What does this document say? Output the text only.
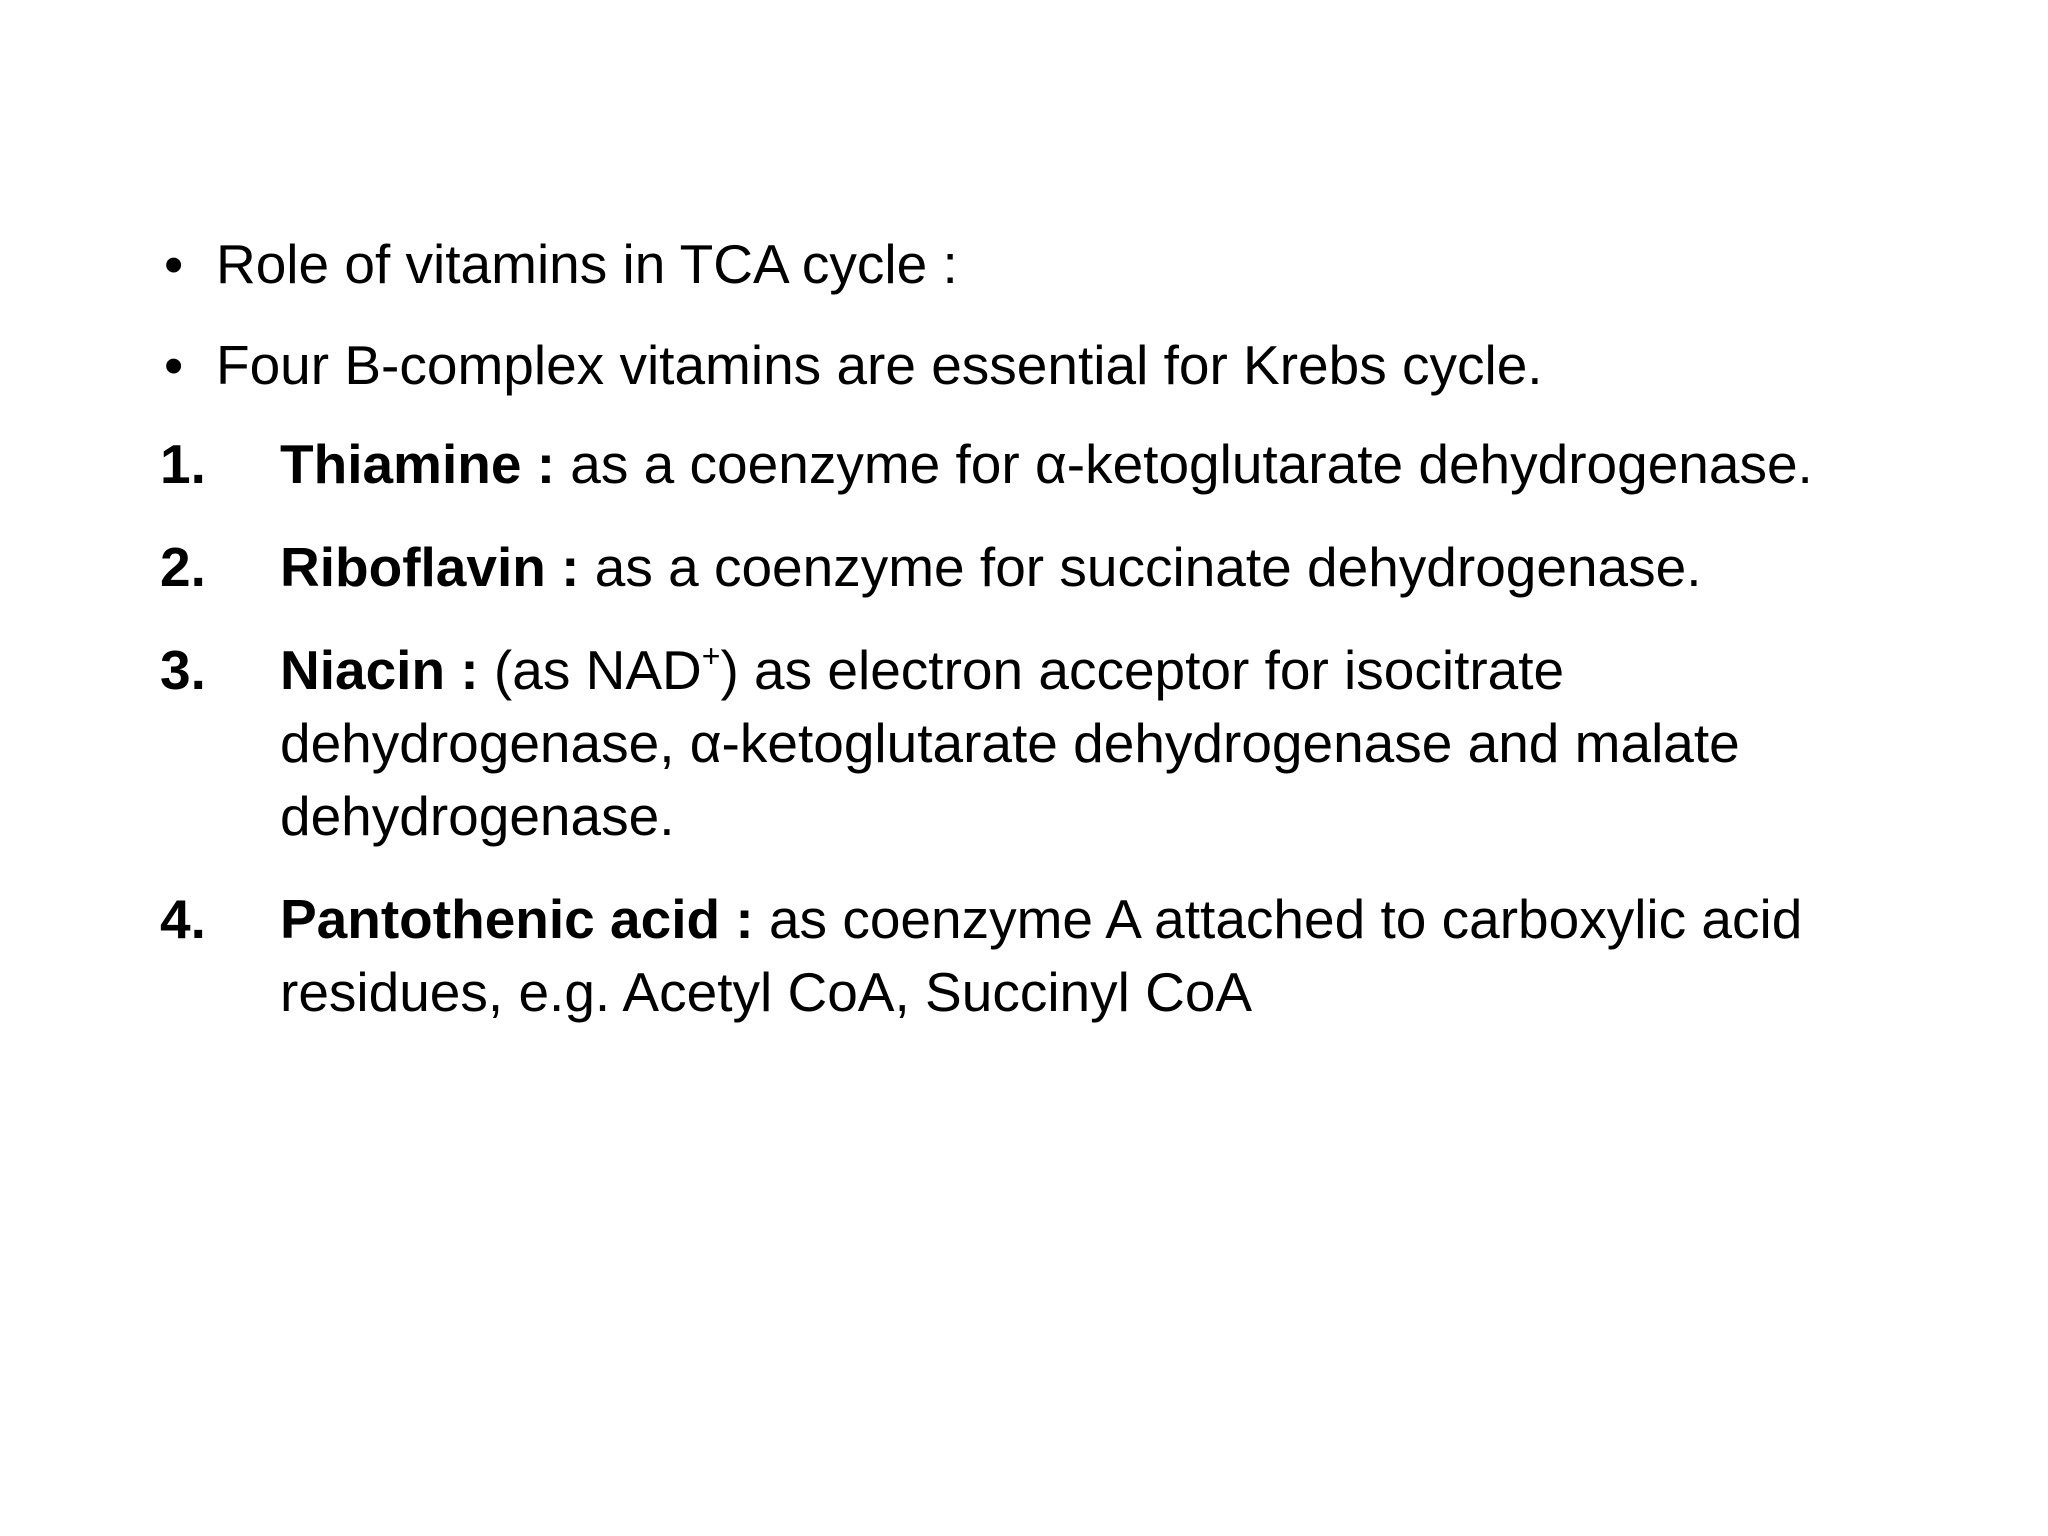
• Role of vitamins in TCA cycle :
• Four B-complex vitamins are essential for Krebs cycle.
1.	Thiamine : as a coenzyme for α-ketoglutarate dehydrogenase.
2.	Riboflavin : as a coenzyme for succinate dehydrogenase.
3.	Niacin : (as NAD+) as electron acceptor for isocitrate dehydrogenase, α-ketoglutarate dehydrogenase and malate dehydrogenase.
4.	Pantothenic acid : as coenzyme A attached to carboxylic acid residues, e.g. Acetyl CoA, Succinyl CoA
